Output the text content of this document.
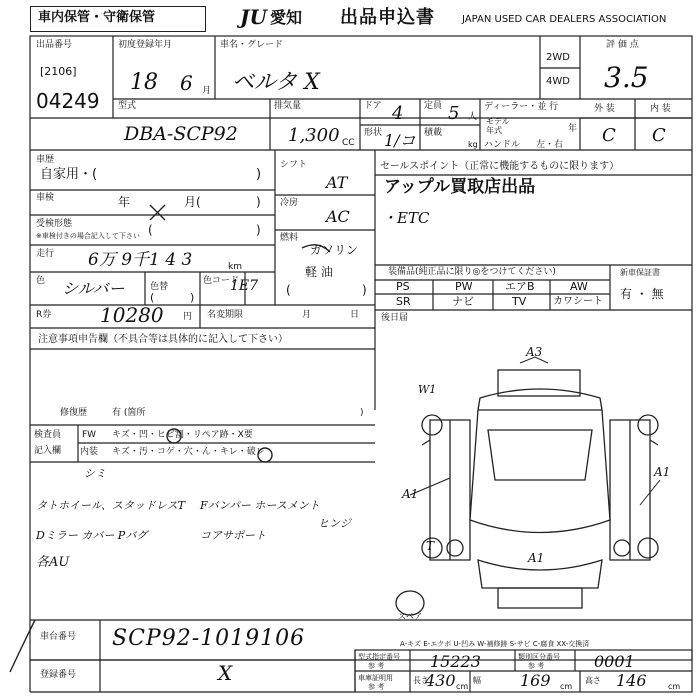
車内保管・守衛保管	JU 愛知 出品申込書	JAPAN USED CAR DEALERS ASSOCIATION
出品番号
[2106]
04249
初度登録年月
18 6 月
車名・グレード
ベルタ X
2WD
4WD
評 価 点
3.5
外 装	内 装
C C
型式
DBA-SCP92
排気量
1,300 CC
ドア 4 定員 5 人
形状 1/コ 積載
kg
ディーラー・並 行
モデル
年式	年
ハンドル 左・右
車歴
自家用・(	)
車検	年	月(	)
受検形態
※車検付きの場合記入して下さい (	)
走行 6万 9千1 4 3	km
色 シルバー	色替
色コード
1E7
(	)
シフト
AT
冷房
AC
燃料
ガソリン
軽 油
(	)
セールスポイント（正常に機能するものに限ります）
アップル買取店出品
・ETC
装備品(純正品に限り◎をつけてください)
PS	PW	エアB	AW
SR	ナビ	TV	カワシート
新車保証書
有 ・ 無
R券 10280 円 名変期限	月	日 後日届
注意事項申告欄（不具合等は具体的に記入して下さい）
修復歴	有 (箇所	)
検査員
記入欄
FW キズ・凹・ヒビ割・リペア跡・X要
内装 キズ・汚・コゲ・穴・ん・キレ・破レ
シミ
タトホイール、スタッドレスT Fバンパー ホースメント
ヒンジ
Dミラー カバー Pバグ	コアサポート
各AU
A3
W1
A1
A1
A1
T
スペア
A-キズ E-エクボ U-凹み W-補修跡 S-サビ C-腐食 XX-交換済
車台番号 SCP92-1019106
登録番号	X
型式指定番号
参 考	15223	類別区分番号
参 考	0001
車庫証明用
参 考
長さ
430 cm
幅 169 cm
高さ 146	cm
